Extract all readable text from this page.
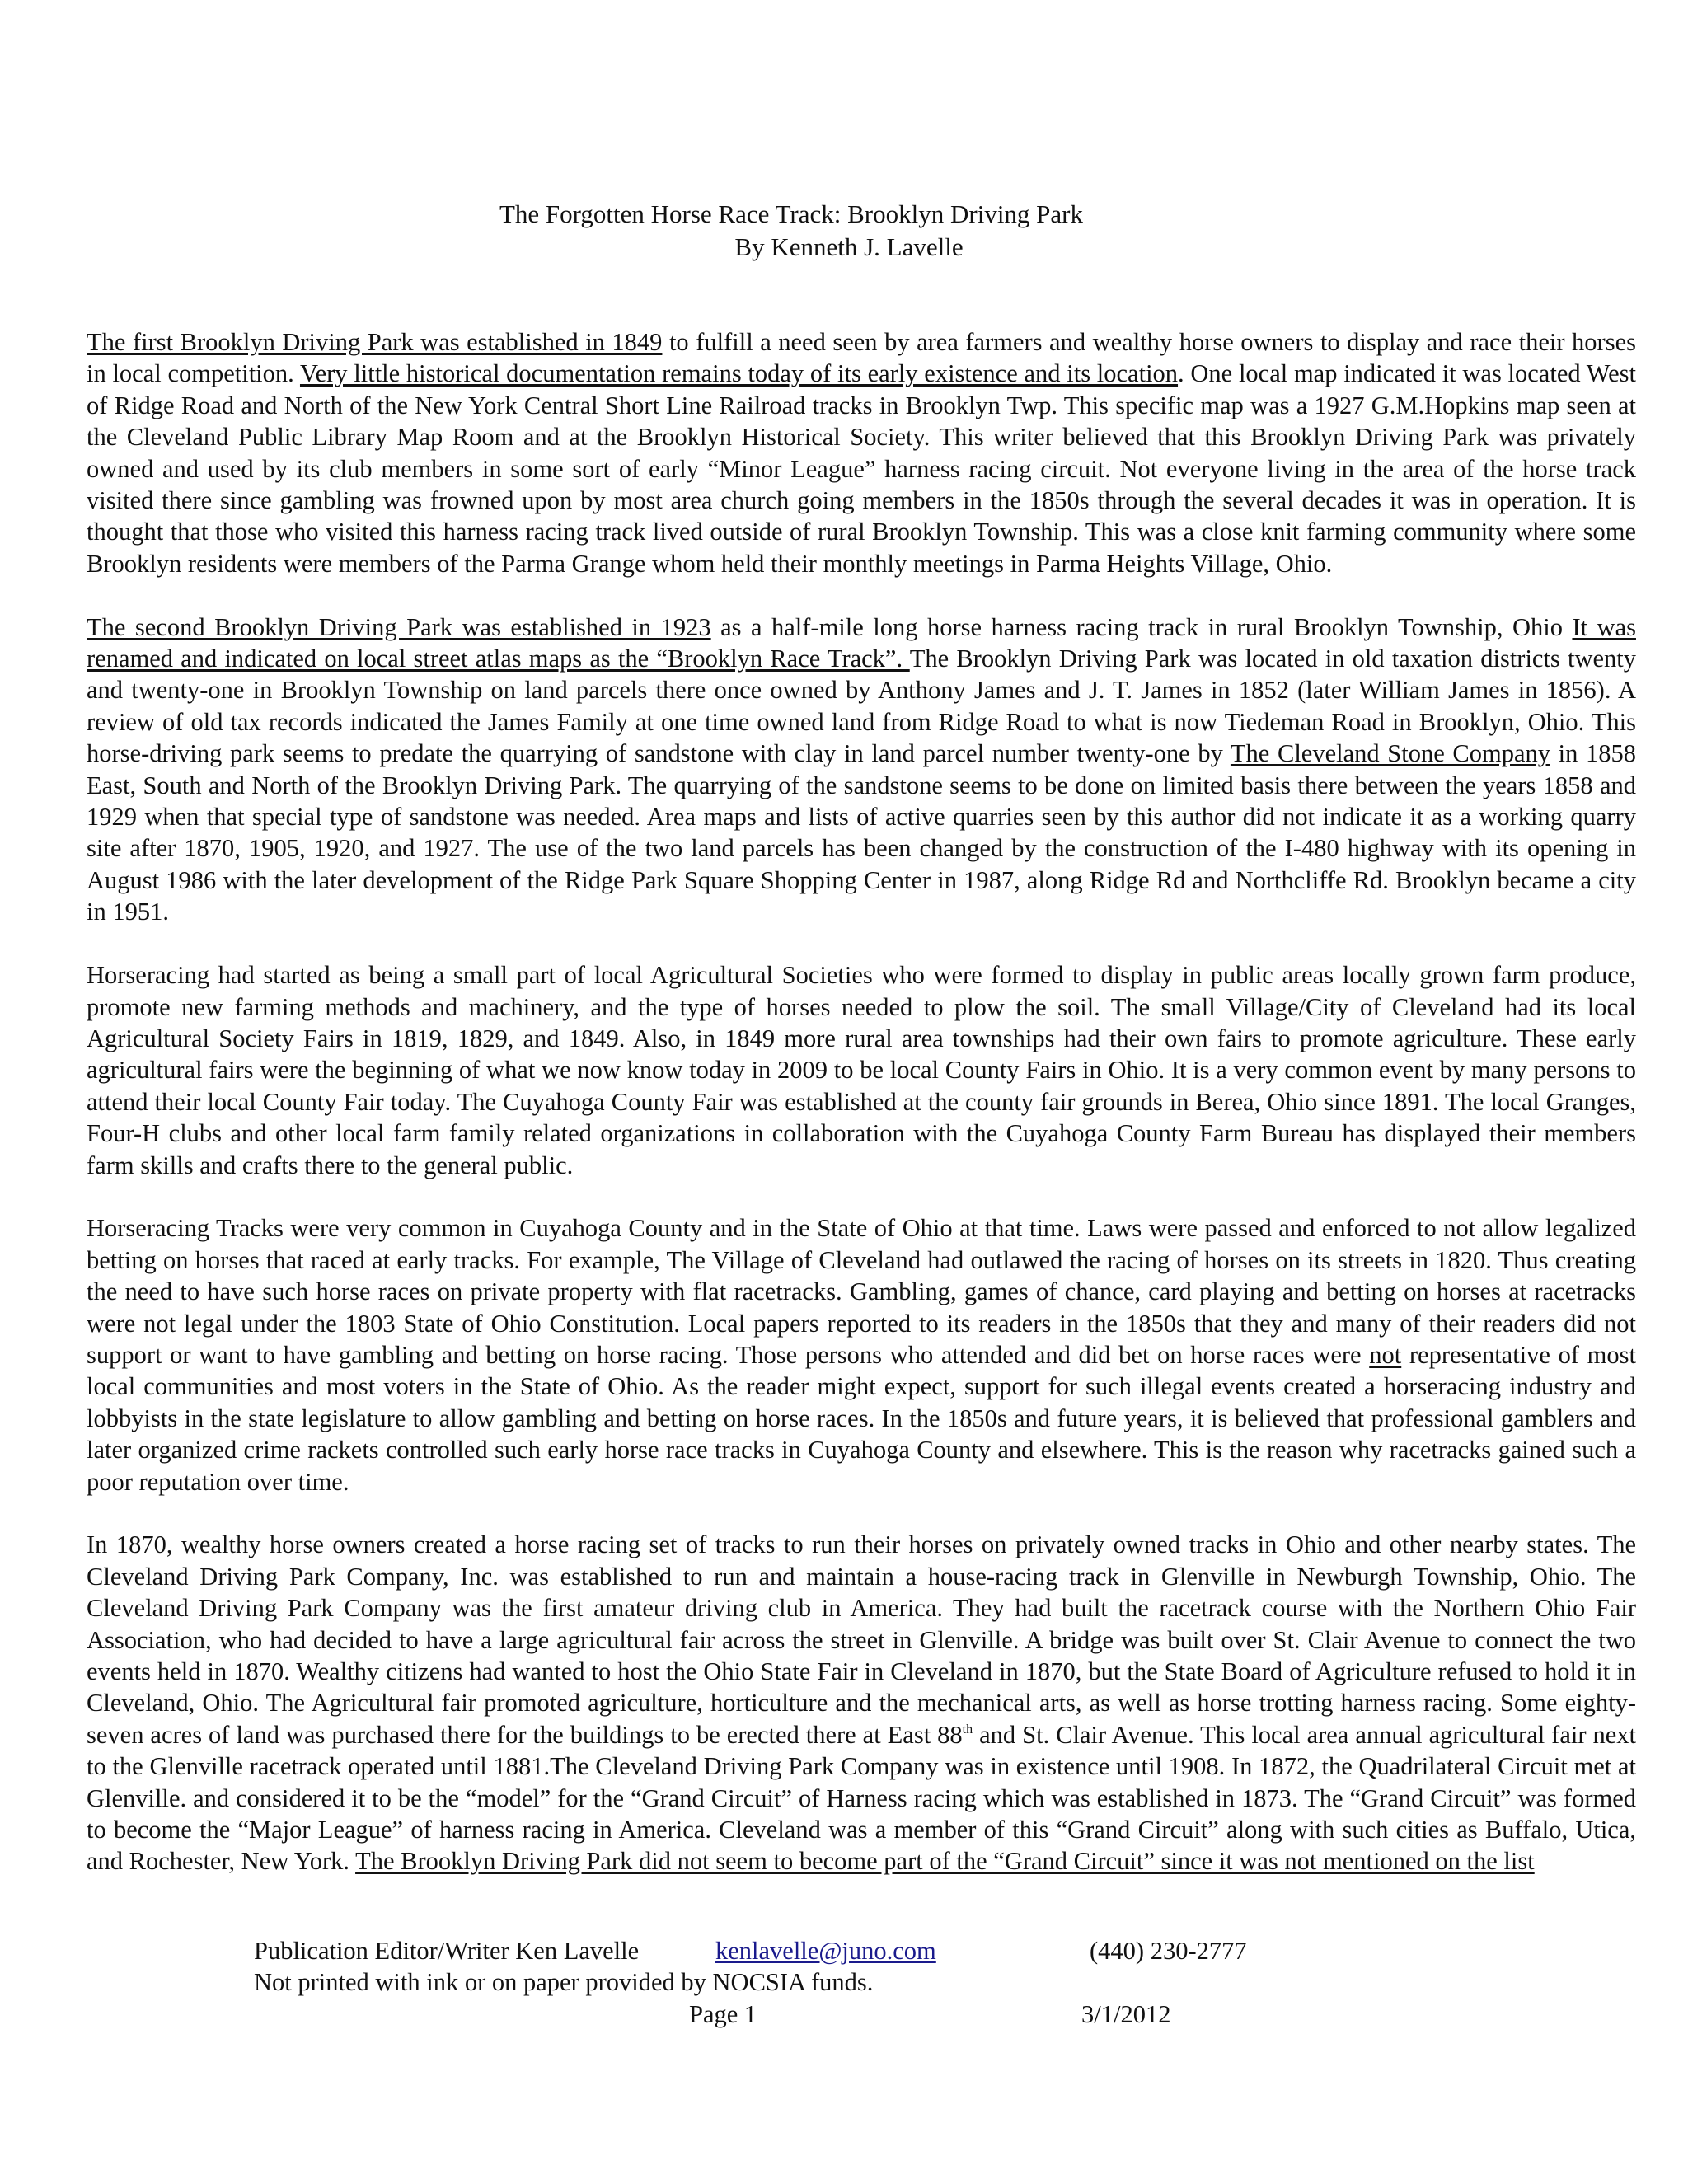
The Forgotten Horse Race Track: Brooklyn Driving Park
By Kenneth J. Lavelle

The first Brooklyn Driving Park was established in 1849 to fulfill a need seen by area farmers and wealthy horse owners to display and race their horses in local competition. Very little historical documentation remains today of its early existence and its location. One local map indicated it was located West of Ridge Road and North of the New York Central Short Line Railroad tracks in Brooklyn Twp. This specific map was a 1927 G.M.Hopkins map seen at the Cleveland Public Library Map Room and at the Brooklyn Historical Society. This writer believed that this Brooklyn Driving Park was privately owned and used by its club members in some sort of early “Minor League” harness racing circuit. Not everyone living in the area of the horse track visited there since gambling was frowned upon by most area church going members in the 1850s through the several decades it was in operation. It is thought that those who visited this harness racing track lived outside of rural Brooklyn Township. This was a close knit farming community where some Brooklyn residents were members of the Parma Grange whom held their monthly meetings in Parma Heights Village, Ohio.

The second Brooklyn Driving Park was established in 1923 as a half-mile long horse harness racing track in rural Brooklyn Township, Ohio It was renamed and indicated on local street atlas maps as the “Brooklyn Race Track”. The Brooklyn Driving Park was located in old taxation districts twenty and twenty-one in Brooklyn Township on land parcels there once owned by Anthony James and J. T. James in 1852 (later William James in 1856). A review of old tax records indicated the James Family at one time owned land from Ridge Road to what is now Tiedeman Road in Brooklyn, Ohio. This horse-driving park seems to predate the quarrying of sandstone with clay in land parcel number twenty-one by The Cleveland Stone Company in 1858 East, South and North of the Brooklyn Driving Park. The quarrying of the sandstone seems to be done on limited basis there between the years 1858 and 1929 when that special type of sandstone was needed. Area maps and lists of active quarries seen by this author did not indicate it as a working quarry site after 1870, 1905, 1920, and 1927. The use of the two land parcels has been changed by the construction of the I-480 highway with its opening in August 1986 with the later development of the Ridge Park Square Shopping Center in 1987, along Ridge Rd and Northcliffe Rd. Brooklyn became a city in 1951.

Horseracing had started as being a small part of local Agricultural Societies who were formed to display in public areas locally grown farm produce, promote new farming methods and machinery, and the type of horses needed to plow the soil. The small Village/City of Cleveland had its local Agricultural Society Fairs in 1819, 1829, and 1849. Also, in 1849 more rural area townships had their own fairs to promote agriculture. These early agricultural fairs were the beginning of what we now know today in 2009 to be local County Fairs in Ohio. It is a very common event by many persons to attend their local County Fair today. The Cuyahoga County Fair was established at the county fair grounds in Berea, Ohio since 1891. The local Granges, Four-H clubs and other local farm family related organizations in collaboration with the Cuyahoga County Farm Bureau has displayed their members farm skills and crafts there to the general public.

Horseracing Tracks were very common in Cuyahoga County and in the State of Ohio at that time. Laws were passed and enforced to not allow legalized betting on horses that raced at early tracks. For example, The Village of Cleveland had outlawed the racing of horses on its streets in 1820. Thus creating the need to have such horse races on private property with flat racetracks. Gambling, games of chance, card playing and betting on horses at racetracks were not legal under the 1803 State of Ohio Constitution. Local papers reported to its readers in the 1850s that they and many of their readers did not support or want to have gambling and betting on horse racing. Those persons who attended and did bet on horse races were not representative of most local communities and most voters in the State of Ohio. As the reader might expect, support for such illegal events created a horseracing industry and lobbyists in the state legislature to allow gambling and betting on horse races. In the 1850s and future years, it is believed that professional gamblers and later organized crime rackets controlled such early horse race tracks in Cuyahoga County and elsewhere. This is the reason why racetracks gained such a poor reputation over time.

In 1870, wealthy horse owners created a horse racing set of tracks to run their horses on privately owned tracks in Ohio and other nearby states. The Cleveland Driving Park Company, Inc. was established to run and maintain a house-racing track in Glenville in Newburgh Township, Ohio. The Cleveland Driving Park Company was the first amateur driving club in America. They had built the racetrack course with the Northern Ohio Fair Association, who had decided to have a large agricultural fair across the street in Glenville. A bridge was built over St. Clair Avenue to connect the two events held in 1870. Wealthy citizens had wanted to host the Ohio State Fair in Cleveland in 1870, but the State Board of Agriculture refused to hold it in Cleveland, Ohio. The Agricultural fair promoted agriculture, horticulture and the mechanical arts, as well as horse trotting harness racing. Some eighty-seven acres of land was purchased there for the buildings to be erected there at East 88th and St. Clair Avenue. This local area annual agricultural fair next to the Glenville racetrack operated until 1881.The Cleveland Driving Park Company was in existence until 1908. In 1872, the Quadrilateral Circuit met at Glenville. and considered it to be the “model” for the “Grand Circuit” of Harness racing which was established in 1873. The “Grand Circuit” was formed to become the “Major League” of harness racing in America. Cleveland was a member of this “Grand Circuit” along with such cities as Buffalo, Utica, and Rochester, New York. The Brooklyn Driving Park did not seem to become part of the “Grand Circuit” since it was not mentioned on the list

Publication Editor/Writer Ken Lavelle	kenlavelle@juno.com	(440) 230-2777
Not printed with ink or on paper provided by NOCSIA funds.
Page 1	3/1/2012
